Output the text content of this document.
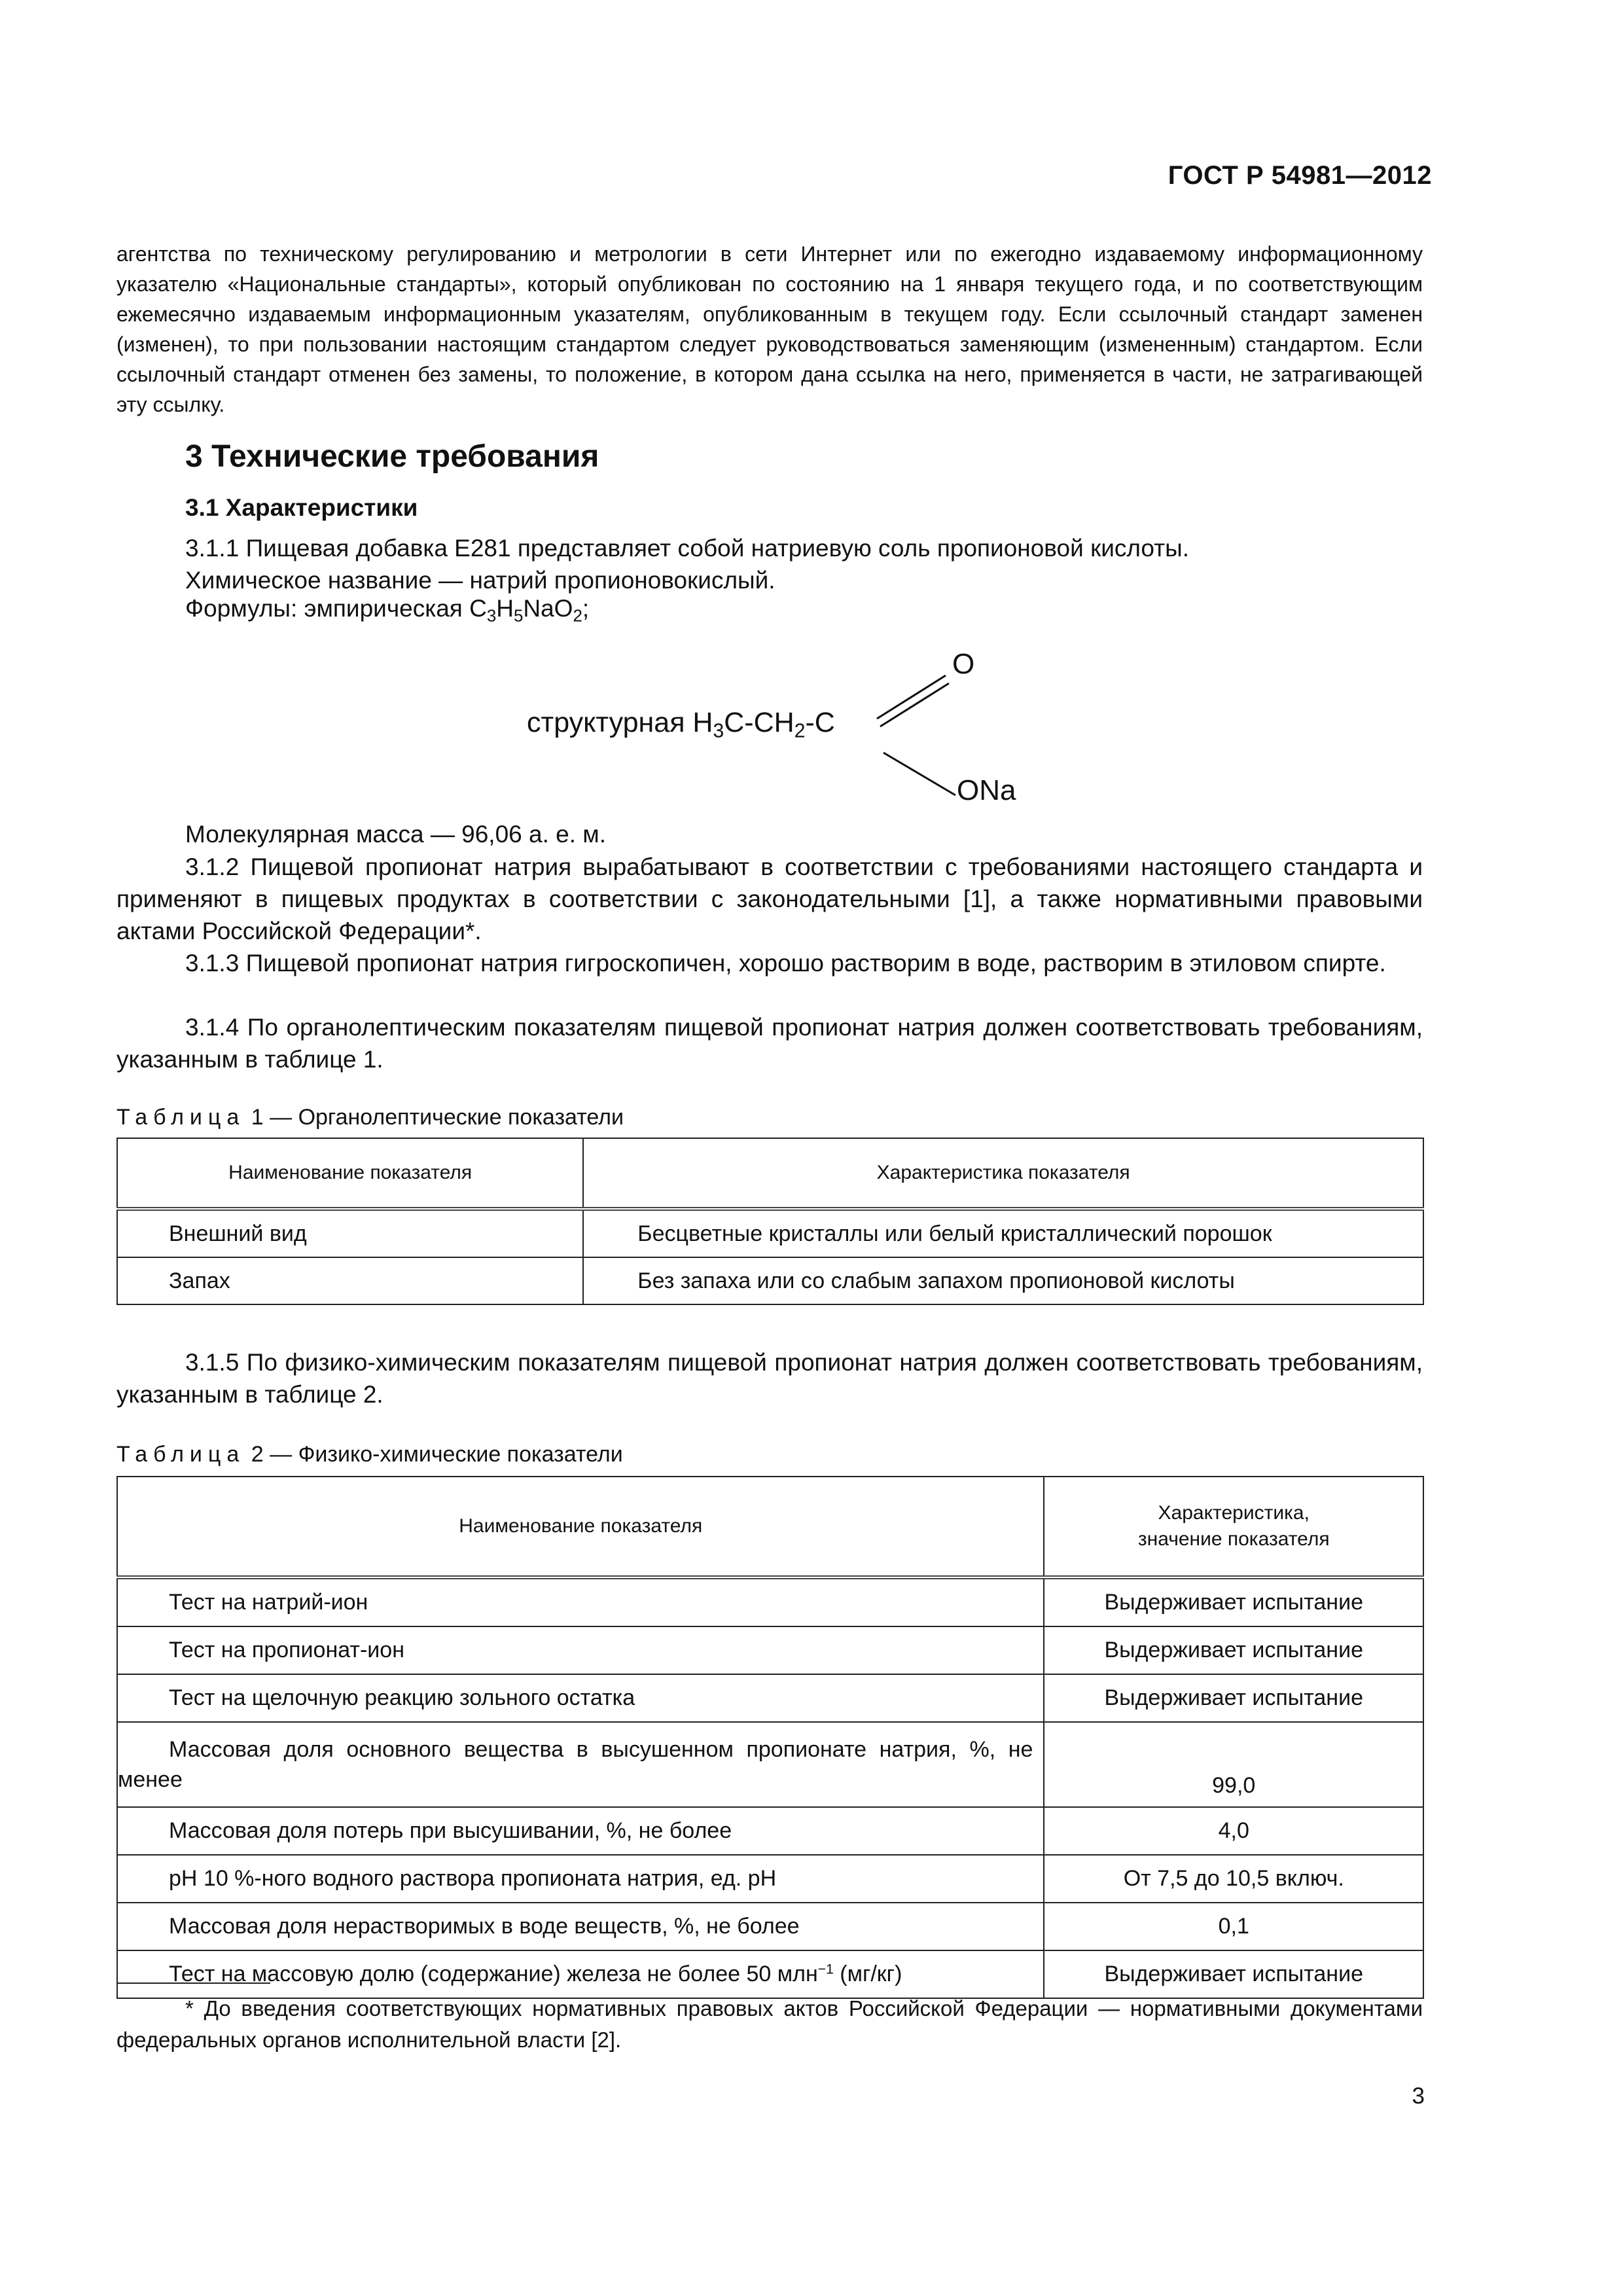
ГОСТ Р 54981—2012

агентства по техническому регулированию и метрологии в сети Интернет или по ежегодно издаваемому информационному указателю «Национальные стандарты», который опубликован по состоянию на 1 января текущего года, и по соответствующим ежемесячно издаваемым информационным указателям, опубликованным в текущем году. Если ссылочный стандарт заменен (изменен), то при пользовании настоящим стандартом следует руководствоваться заменяющим (измененным) стандартом. Если ссылочный стандарт отменен без замены, то положение, в котором дана ссылка на него, применяется в части, не затрагивающей эту ссылку.

3 Технические требования
3.1 Характеристики

3.1.1 Пищевая добавка Е281 представляет собой натриевую соль пропионовой кислоты.

Химическое название — натрий пропионовокислый.

Формулы: эмпирическая $C_3H_5NaO_2$;
структурная $H_3C-CH_2-C$
O
ONa

Молекулярная масса — 96,06 а. е. м.

3.1.2 Пищевой пропионат натрия вырабатывают в соответствии с требованиями настоящего стандарта и применяют в пищевых продуктах в соответствии с законодательными [1], а также нормативными правовыми актами Российской Федерации*.

3.1.3 Пищевой пропионат натрия гигроскопичен, хорошо растворим в воде, растворим в этиловом спирте.

3.1.4 По органолептическим показателям пищевой пропионат натрия должен соответствовать требованиям, указанным в таблице 1.

Таблица 1 — Органолептические показатели
Наименование показателя	Характеристика показателя
Внешний вид	Бесцветные кристаллы или белый кристаллический порошок
Запах	Без запаха или со слабым запахом пропионовой кислоты

3.1.5 По физико-химическим показателям пищевой пропионат натрия должен соответствовать требованиям, указанным в таблице 2.

Таблица 2 — Физико-химические показатели
Наименование показателя	Характеристика,
значение показателя
Тест на натрий-ион	Выдерживает испытание
Тест на пропионат-ион	Выдерживает испытание
Тест на щелочную реакцию зольного остатка	Выдерживает испытание
Массовая доля основного вещества в высушенном пропионате натрия, %, не менее	99,0
Массовая доля потерь при высушивании, %, не более	4,0
pH 10 %-ного водного раствора пропионата натрия, ед. pH	От 7,5 до 10,5 включ.
Массовая доля нерастворимых в воде веществ, %, не более	0,1
Тест на массовую долю (содержание) железа не более 50 млн$^{-1}$ (мг/кг)	Выдерживает испытание

* До введения соответствующих нормативных правовых актов Российской Федерации — нормативными документами федеральных органов исполнительной власти [2].

3
